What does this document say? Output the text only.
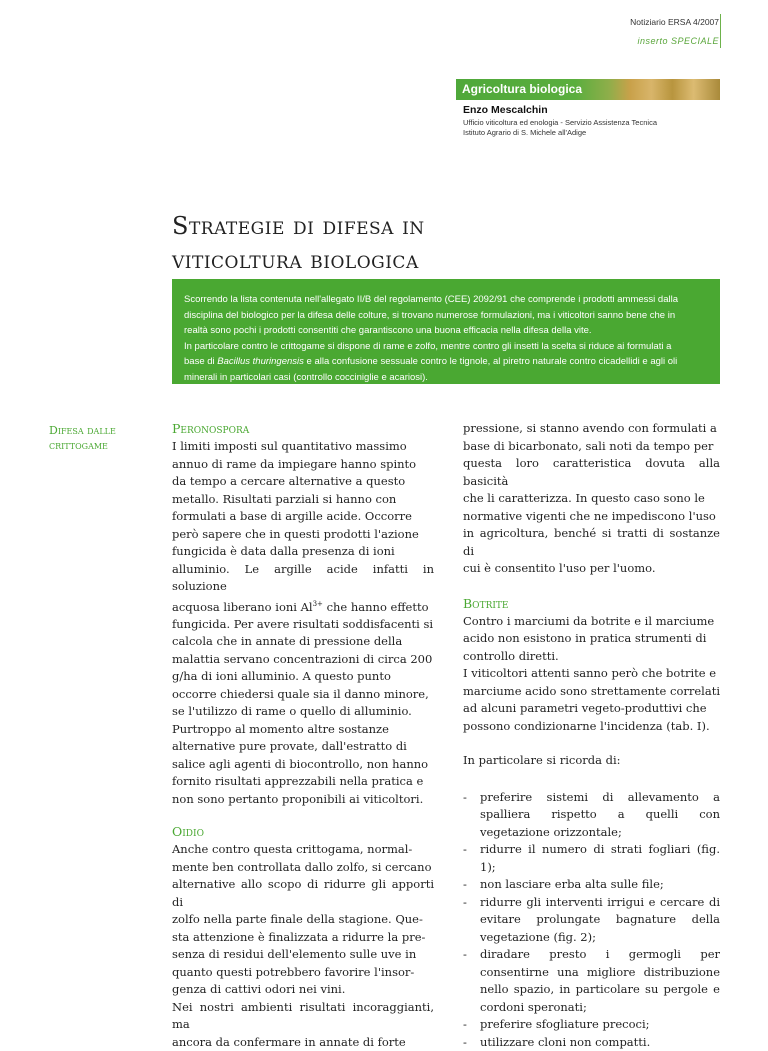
Notiziario ERSA 4/2007
inserto SPECIALE
Agricoltura biologica
Enzo Mescalchin
Ufficio viticoltura ed enologia - Servizio Assistenza Tecnica
Istituto Agrario di S. Michele all'Adige
Strategie di difesa in
viticoltura biologica

Scorrendo la lista contenuta nell'allegato II/B del regolamento (CEE) 2092/91 che comprende i prodotti ammessi dalla
disciplina del biologico per la difesa delle colture, si trovano numerose formulazioni, ma i viticoltori sanno bene che in
realtà sono pochi i prodotti consentiti che garantiscono una buona efficacia nella difesa della vite.
In particolare contro le crittogame si dispone di rame e zolfo, mentre contro gli insetti la scelta si riduce ai formulati a
base di Bacillus thuringensis e alla confusione sessuale contro le tignole, al piretro naturale contro cicadellidi e agli oli
minerali in particolari casi (controllo cocciniglie e acariosi).

Difesa dalle
crittogame
Peronospora
I limiti imposti sul quantitativo massimo
annuo di rame da impiegare hanno spinto
da tempo a cercare alternative a questo
metallo. Risultati parziali si hanno con
formulati a base di argille acide. Occorre
però sapere che in questi prodotti l'azione
fungicida è data dalla presenza di ioni
alluminio. Le argille acide infatti in soluzione
acquosa liberano ioni $Al^{3+}$ che hanno effetto
fungicida. Per avere risultati soddisfacenti si
calcola che in annate di pressione della
malattia servano concentrazioni di circa 200
g/ha di ioni alluminio. A questo punto
occorre chiedersi quale sia il danno minore,
se l'utilizzo di rame o quello di alluminio.
Purtroppo al momento altre sostanze
alternative pure provate, dall'estratto di
salice agli agenti di biocontrollo, non hanno
fornito risultati apprezzabili nella pratica e
non sono pertanto proponibili ai viticoltori.
Oidio
Anche contro questa crittogama, normal-
mente ben controllata dallo zolfo, si cercano
alternative allo scopo di ridurre gli apporti di
zolfo nella parte finale della stagione. Que-
sta attenzione è finalizzata a ridurre la pre-
senza di residui dell'elemento sulle uve in
quanto questi potrebbero favorire l'insor-
genza di cattivi odori nei vini.
Nei nostri ambienti risultati incoraggianti, ma
ancora da confermare in annate di forte
pressione, si stanno avendo con formulati a
base di bicarbonato, sali noti da tempo per
questa loro caratteristica dovuta alla basicità
che li caratterizza. In questo caso sono le
normative vigenti che ne impediscono l'uso
in agricoltura, benché si tratti di sostanze di
cui è consentito l'uso per l'uomo.
Botrite
Contro i marciumi da botrite e il marciume
acido non esistono in pratica strumenti di
controllo diretti.
I viticoltori attenti sanno però che botrite e
marciume acido sono strettamente correlati
ad alcuni parametri vegeto-produttivi che
possono condizionarne l'incidenza (tab. I).
In particolare si ricorda di:
-	preferire sistemi di allevamento a spalliera rispetto a quelli con vegetazione orizzontale;
-	ridurre il numero di strati fogliari (fig. 1);
-	non lasciare erba alta sulle file;
-	ridurre gli interventi irrigui e cercare di evitare prolungate bagnature della vegetazione (fig. 2);
-	diradare presto i germogli per consentirne una migliore distribuzione nello spazio, in particolare su pergole e cordoni speronati;
-	preferire sfogliature precoci;
-	utilizzare cloni non compatti.
